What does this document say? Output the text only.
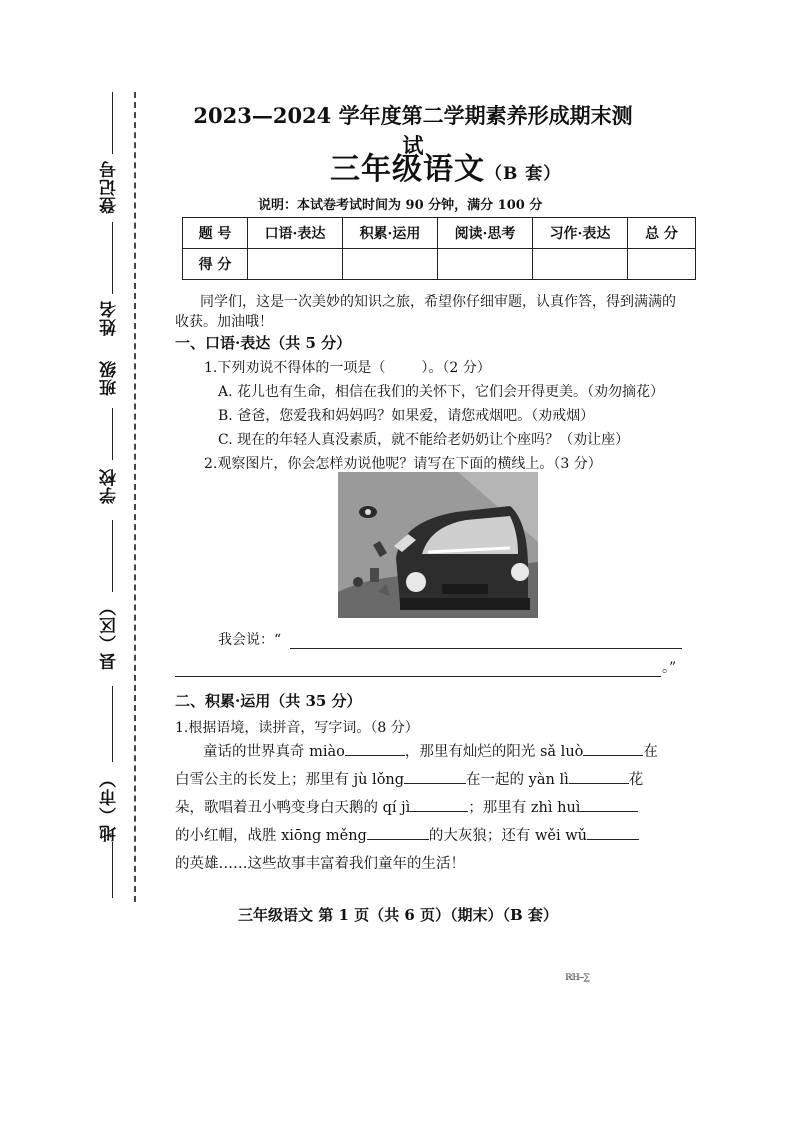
登记号
姓名
班级
学校
县（区）
地（市）
2023—2024 学年度第二学期素养形成期末测试
三年级语文（B 套）
说明：本试卷考试时间为 90 分钟，满分 100 分
题 号	口语·表达	积累·运用	阅读·思考	习作·表达	总 分
得 分					
同学们，这是一次美妙的知识之旅，希望你仔细审题，认真作答，得到满满的
收获。加油哦！
一、口语·表达（共 5 分）
1.下列劝说不得体的一项是（	）。（2 分）
A. 花儿也有生命，相信在我们的关怀下，它们会开得更美。（劝勿摘花）
B. 爸爸，您爱我和妈妈吗？如果爱，请您戒烟吧。（劝戒烟）
C. 现在的年轻人真没素质，就不能给老奶奶让个座吗？（劝让座）
2.观察图片，你会怎样劝说他呢？请写在下面的横线上。（3 分）
我会说：“
。”
二、积累·运用（共 35 分）
1.根据语境，读拼音，写字词。（8 分）
童话的世界真奇 miào	，那里有灿烂的阳光 sǎ luò	在
白雪公主的长发上；那里有 jù lǒng	在一起的 yàn lì	花
朵，歌唱着丑小鸭变身白天鹅的 qí jì	；那里有 zhì huì
的小红帽，战胜 xiōng měng	的大灰狼；还有 wěi wǔ
的英雄……这些故事丰富着我们童年的生活！
三年级语文 第 1 页（共 6 页）（期末）（B 套）
ℝℍ؅⅀
